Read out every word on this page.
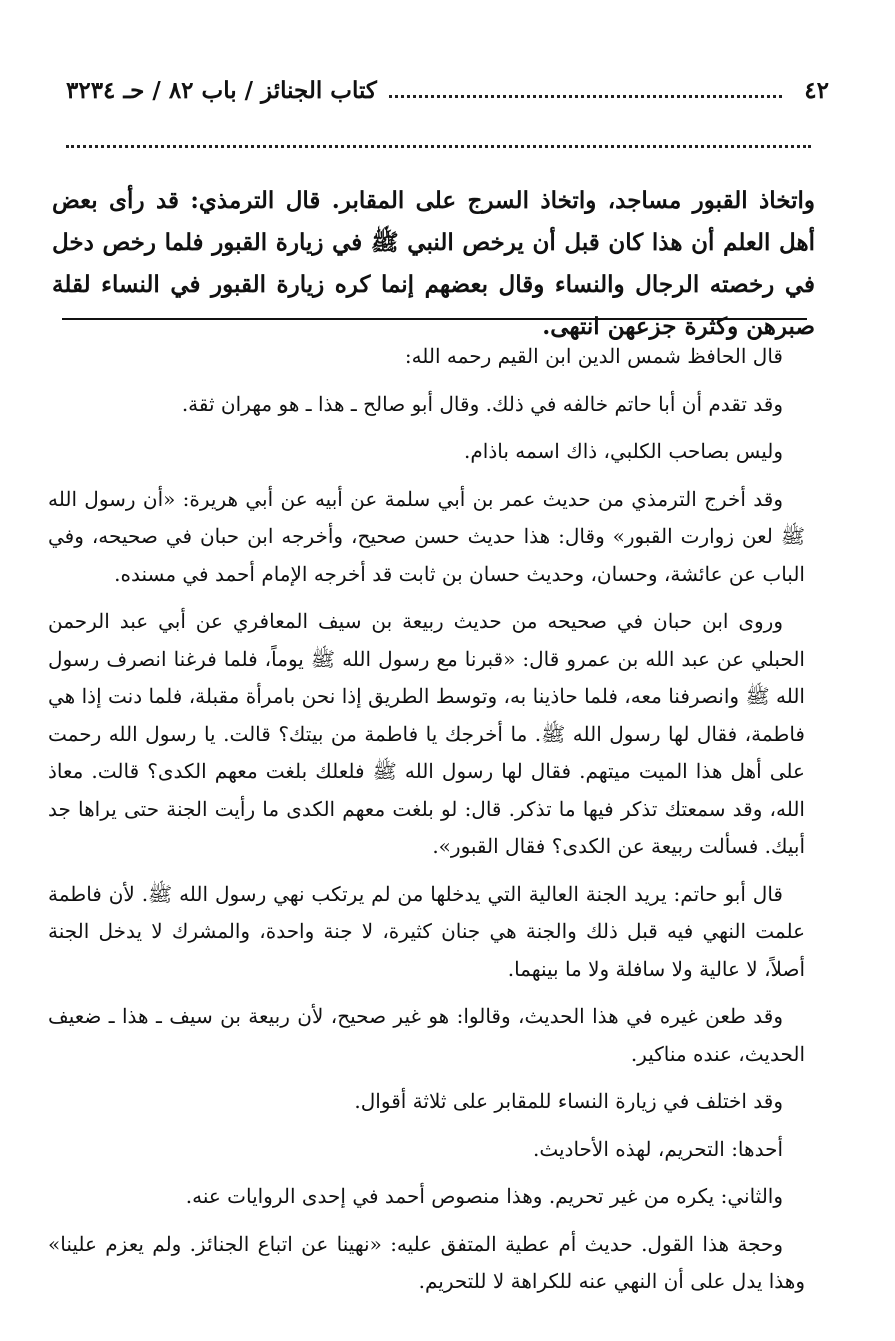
٤٢
كتاب الجنائز / باب ٨٢ / حـ ٣٢٣٤

واتخاذ القبور مساجد، واتخاذ السرج على المقابر. قال الترمذي: قد رأى بعض أهل العلم أن هذا كان قبل أن يرخص النبي ﷺ في زيارة القبور فلما رخص دخل في رخصته الرجال والنساء وقال بعضهم إنما كره زيارة القبور في النساء لقلة صبرهن وكثرة جزعهن انتهى.

قال الحافظ شمس الدين ابن القيم رحمه الله:

وقد تقدم أن أبا حاتم خالفه في ذلك. وقال أبو صالح ـ هذا ـ هو مهران ثقة.

وليس بصاحب الكلبي، ذاك اسمه باذام.

وقد أخرج الترمذي من حديث عمر بن أبي سلمة عن أبيه عن أبي هريرة: «أن رسول الله ﷺ لعن زوارت القبور» وقال: هذا حديث حسن صحيح، وأخرجه ابن حبان في صحيحه، وفي الباب عن عائشة، وحسان، وحديث حسان بن ثابت قد أخرجه الإمام أحمد في مسنده.

وروى ابن حبان في صحيحه من حديث ربيعة بن سيف المعافري عن أبي عبد الرحمن الحبلي عن عبد الله بن عمرو قال: «قبرنا مع رسول الله ﷺ يوماً، فلما فرغنا انصرف رسول الله ﷺ وانصرفنا معه، فلما حاذينا به، وتوسط الطريق إذا نحن بامرأة مقبلة، فلما دنت إذا هي فاطمة، فقال لها رسول الله ﷺ. ما أخرجك يا فاطمة من بيتك؟ قالت. يا رسول الله رحمت على أهل هذا الميت ميتهم. فقال لها رسول الله ﷺ فلعلك بلغت معهم الكدى؟ قالت. معاذ الله، وقد سمعتك تذكر فيها ما تذكر. قال: لو بلغت معهم الكدى ما رأيت الجنة حتى يراها جد أبيك. فسألت ربيعة عن الكدى؟ فقال القبور».

قال أبو حاتم: يريد الجنة العالية التي يدخلها من لم يرتكب نهي رسول الله ﷺ. لأن فاطمة علمت النهي فيه قبل ذلك والجنة هي جنان كثيرة، لا جنة واحدة، والمشرك لا يدخل الجنة أصلاً، لا عالية ولا سافلة ولا ما بينهما.

وقد طعن غيره في هذا الحديث، وقالوا: هو غير صحيح، لأن ربيعة بن سيف ـ هذا ـ ضعيف الحديث، عنده مناكير.

وقد اختلف في زيارة النساء للمقابر على ثلاثة أقوال.

أحدها: التحريم، لهذه الأحاديث.

والثاني: يكره من غير تحريم. وهذا منصوص أحمد في إحدى الروايات عنه.

وحجة هذا القول. حديث أم عطية المتفق عليه: «نهينا عن اتباع الجنائز. ولم يعزم علينا» وهذا يدل على أن النهي عنه للكراهة لا للتحريم.
